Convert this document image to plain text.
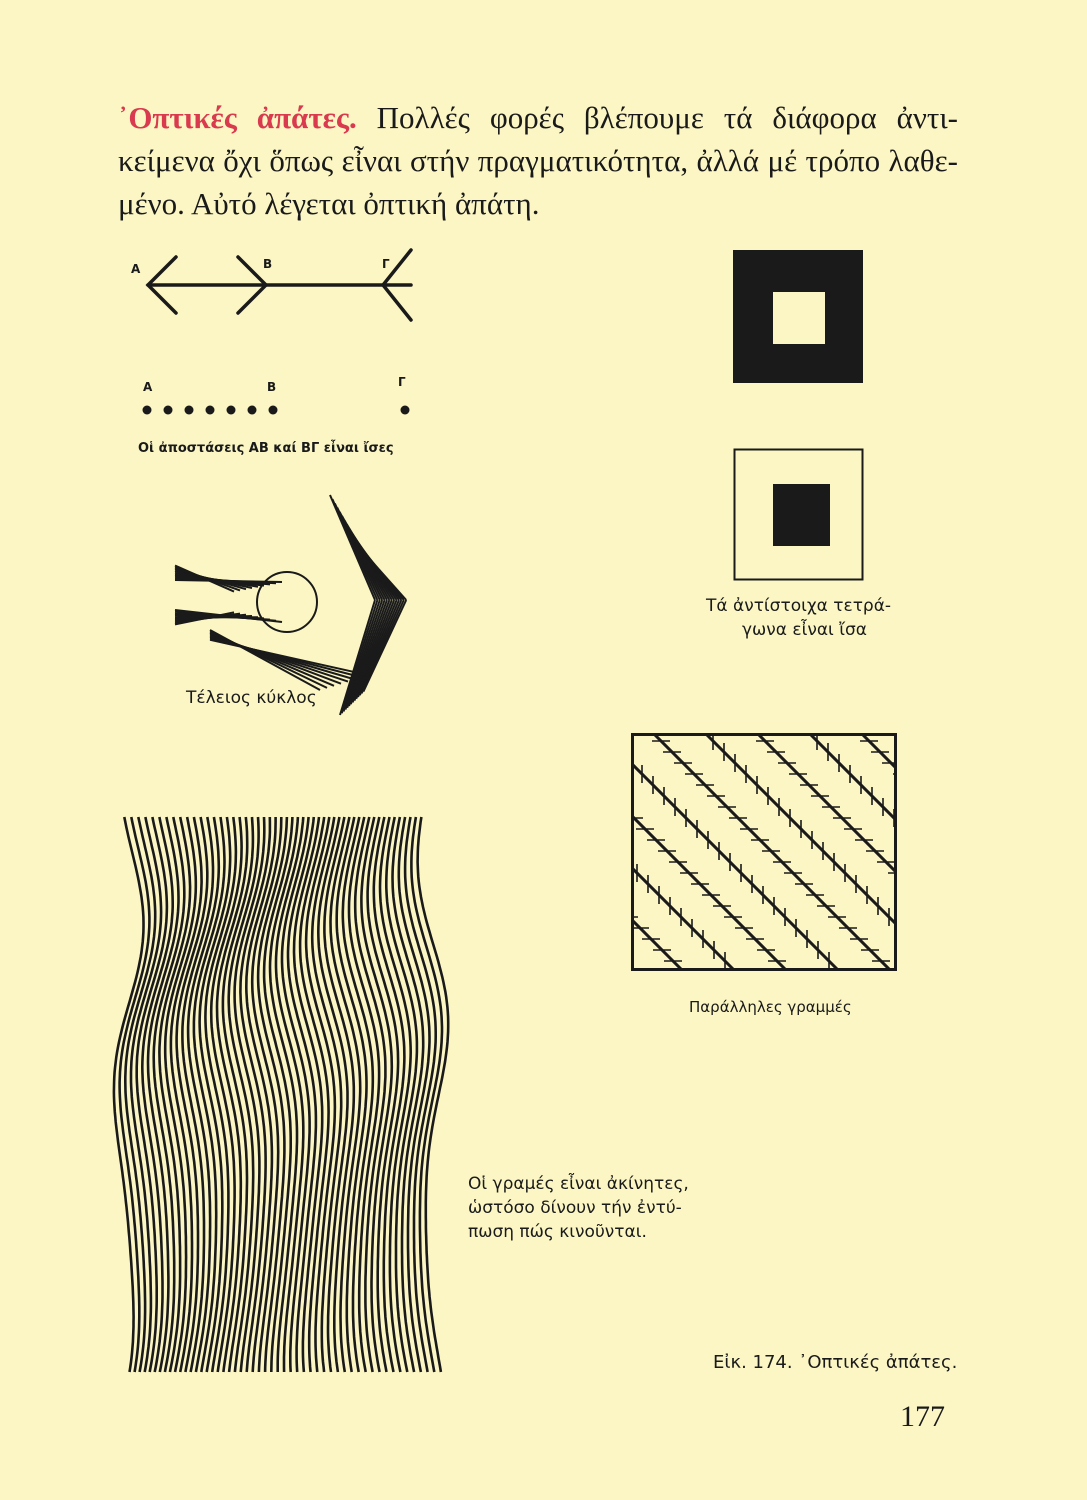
᾿Οπτικές ἀπάτες. Πολλές φορές βλέπουμε τά διάφορα ἀντικείμενα ὄχι ὅπως εἶναι στήν πραγματικότητα, ἀλλά μέ τρόπο λαθεμένο. Αὐτό λέγεται ὀπτική ἀπάτη.
Α	Β	Γ
Α	Β	Γ
Οἱ ἀποστάσεις ΑΒ καί ΒΓ εἶναι ἴσες
Τά ἀντίστοιχα τετρά-
γωνα εἶναι ἴσα
Τέλειος κύκλος
Παράλληλες γραμμές
Οἱ γραμές εἶναι ἀκίνητες,
ὡστόσο δίνουν τήν ἐντύ-
πωση πώς κινοῦνται.
Εἰκ. 174. ᾿Οπτικές ἀπάτες.
177
